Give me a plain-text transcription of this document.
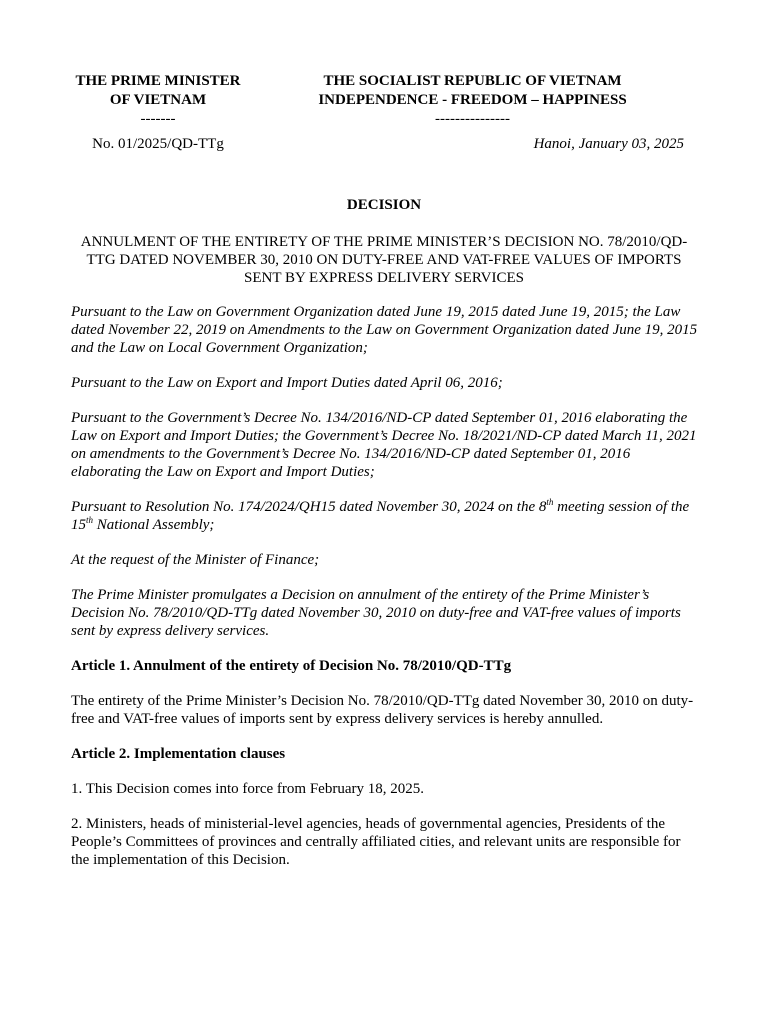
THE PRIME MINISTER
OF VIETNAM
-------
THE SOCIALIST REPUBLIC OF VIETNAM
INDEPENDENCE - FREEDOM – HAPPINESS
---------------
No. 01/2025/QD-TTg	Hanoi, January 03, 2025
DECISION
ANNULMENT OF THE ENTIRETY OF THE PRIME MINISTER’S DECISION NO. 78/2010/QD-TTG DATED NOVEMBER 30, 2010 ON DUTY-FREE AND VAT-FREE VALUES OF IMPORTS SENT BY EXPRESS DELIVERY SERVICES

Pursuant to the Law on Government Organization dated June 19, 2015 dated June 19, 2015; the Law dated November 22, 2019 on Amendments to the Law on Government Organization dated June 19, 2015 and the Law on Local Government Organization;

Pursuant to the Law on Export and Import Duties dated April 06, 2016;

Pursuant to the Government’s Decree No. 134/2016/ND-CP dated September 01, 2016 elaborating the Law on Export and Import Duties; the Government’s Decree No. 18/2021/ND-CP dated March 11, 2021 on amendments to the Government’s Decree No. 134/2016/ND-CP dated September 01, 2016 elaborating the Law on Export and Import Duties;

Pursuant to Resolution No. 174/2024/QH15 dated November 30, 2024 on the 8th meeting session of the 15th National Assembly;

At the request of the Minister of Finance;

The Prime Minister promulgates a Decision on annulment of the entirety of the Prime Minister’s Decision No. 78/2010/QD-TTg dated November 30, 2010 on duty-free and VAT-free values of imports sent by express delivery services.

Article 1. Annulment of the entirety of Decision No. 78/2010/QD-TTg

The entirety of the Prime Minister’s Decision No. 78/2010/QD-TTg dated November 30, 2010 on duty-free and VAT-free values of imports sent by express delivery services is hereby annulled.

Article 2. Implementation clauses

1. This Decision comes into force from February 18, 2025.

2. Ministers, heads of ministerial-level agencies, heads of governmental agencies, Presidents of the People’s Committees of provinces and centrally affiliated cities, and relevant units are responsible for the implementation of this Decision.
